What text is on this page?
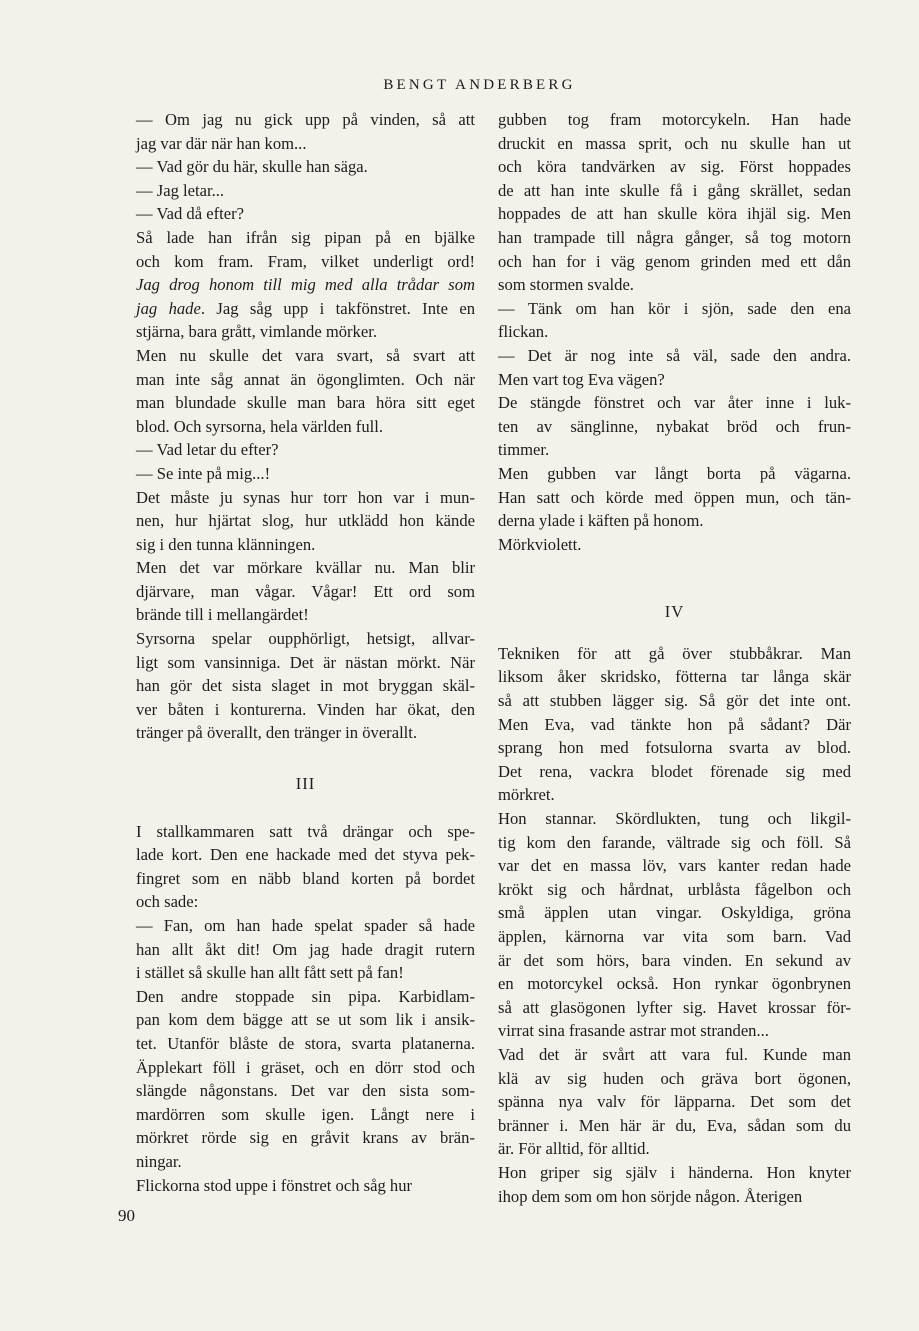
BENGT ANDERBERG
— Om jag nu gick upp på vinden, så att
jag var där när han kom...
— Vad gör du här, skulle han säga.
— Jag letar...
— Vad då efter?
Så lade han ifrån sig pipan på en bjälke
och kom fram. Fram, vilket underligt ord!
Jag drog honom till mig med alla trådar som
jag hade. Jag såg upp i takfönstret. Inte en
stjärna, bara grått, vimlande mörker.
Men nu skulle det vara svart, så svart att
man inte såg annat än ögonglimten. Och när
man blundade skulle man bara höra sitt eget
blod. Och syrsorna, hela världen full.
— Vad letar du efter?
— Se inte på mig...!
Det måste ju synas hur torr hon var i mun-
nen, hur hjärtat slog, hur utklädd hon kände
sig i den tunna klänningen.
Men det var mörkare kvällar nu. Man blir
djärvare, man vågar. Vågar! Ett ord som
brände till i mellangärdet!
Syrsorna spelar oupphörligt, hetsigt, allvar-
ligt som vansinniga. Det är nästan mörkt. När
han gör det sista slaget in mot bryggan skäl-
ver båten i konturerna. Vinden har ökat, den
tränger på överallt, den tränger in överallt.
III
I stallkammaren satt två drängar och spe-
lade kort. Den ene hackade med det styva pek-
fingret som en näbb bland korten på bordet
och sade:
— Fan, om han hade spelat spader så hade
han allt åkt dit! Om jag hade dragit rutern
i stället så skulle han allt fått sett på fan!
Den andre stoppade sin pipa. Karbidlam-
pan kom dem bägge att se ut som lik i ansik-
tet. Utanför blåste de stora, svarta platanerna.
Äpplekart föll i gräset, och en dörr stod och
slängde någonstans. Det var den sista som-
mardörren som skulle igen. Långt nere i
mörkret rörde sig en gråvit krans av brän-
ningar.
Flickorna stod uppe i fönstret och såg hur
gubben tog fram motorcykeln. Han hade
druckit en massa sprit, och nu skulle han ut
och köra tandvärken av sig. Först hoppades
de att han inte skulle få i gång skrället, sedan
hoppades de att han skulle köra ihjäl sig. Men
han trampade till några gånger, så tog motorn
och han for i väg genom grinden med ett dån
som stormen svalde.
— Tänk om han kör i sjön, sade den ena
flickan.
— Det är nog inte så väl, sade den andra.
Men vart tog Eva vägen?
De stängde fönstret och var åter inne i luk-
ten av sänglinne, nybakat bröd och frun-
timmer.
Men gubben var långt borta på vägarna.
Han satt och körde med öppen mun, och tän-
derna ylade i käften på honom.
Mörkviolett.
IV
Tekniken för att gå över stubbåkrar. Man
liksom åker skridsko, fötterna tar långa skär
så att stubben lägger sig. Så gör det inte ont.
Men Eva, vad tänkte hon på sådant? Där
sprang hon med fotsulorna svarta av blod.
Det rena, vackra blodet förenade sig med
mörkret.
Hon stannar. Skördlukten, tung och likgil-
tig kom den farande, vältrade sig och föll. Så
var det en massa löv, vars kanter redan hade
krökt sig och hårdnat, urblåsta fågelbon och
små äpplen utan vingar. Oskyldiga, gröna
äpplen, kärnorna var vita som barn. Vad
är det som hörs, bara vinden. En sekund av
en motorcykel också. Hon rynkar ögonbrynen
så att glasögonen lyfter sig. Havet krossar för-
virrat sina frasande astrar mot stranden...
Vad det är svårt att vara ful. Kunde man
klä av sig huden och gräva bort ögonen,
spänna nya valv för läpparna. Det som det
bränner i. Men här är du, Eva, sådan som du
är. För alltid, för alltid.
Hon griper sig själv i händerna. Hon knyter
ihop dem som om hon sörjde någon. Återigen
90
